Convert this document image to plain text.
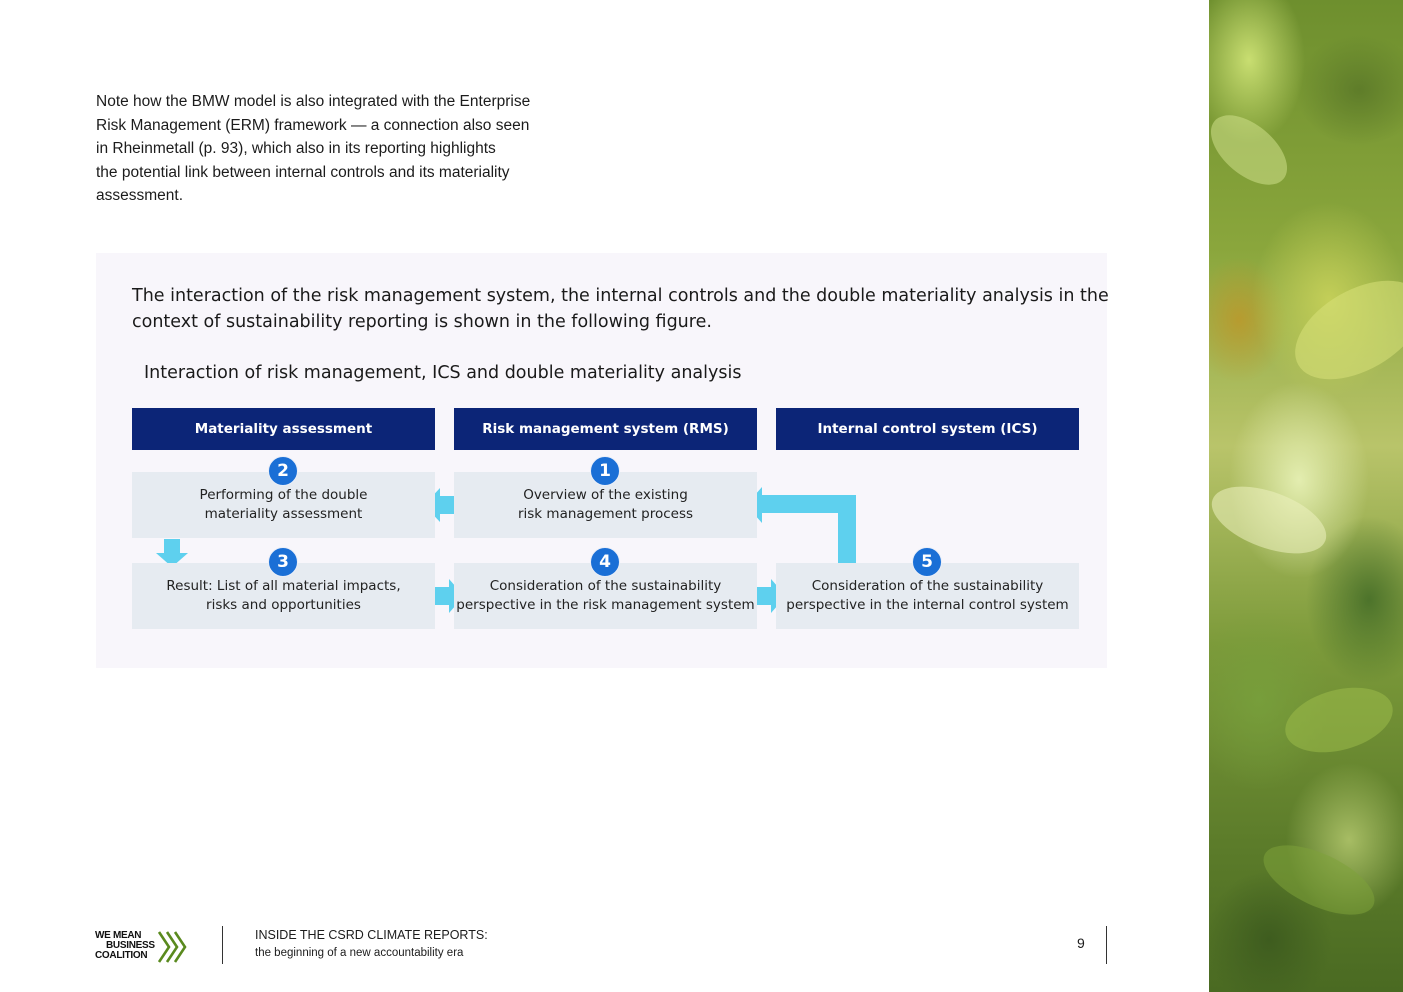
Note how the BMW model is also integrated with the Enterprise
Risk Management (ERM) framework — a connection also seen
in Rheinmetall (p. 93), which also in its reporting highlights
the potential link between internal controls and its materiality
assessment.
The interaction of the risk management system, the internal controls and the double materiality analysis in the
context of sustainability reporting is shown in the following figure.
Interaction of risk management, ICS and double materiality analysis
Materiality assessment	Risk management system (RMS)	Internal control system (ICS)
Performing of the double
materiality assessment
Overview of the existing
risk management process
Result: List of all material impacts,
risks and opportunities
Consideration of the sustainability
perspective in the risk management system
Consideration of the sustainability
perspective in the internal control system
2	1
3	4	5
WE MEAN
BUSINESS
COALITION
INSIDE THE CSRD CLIMATE REPORTS:
the beginning of a new accountability era
9
